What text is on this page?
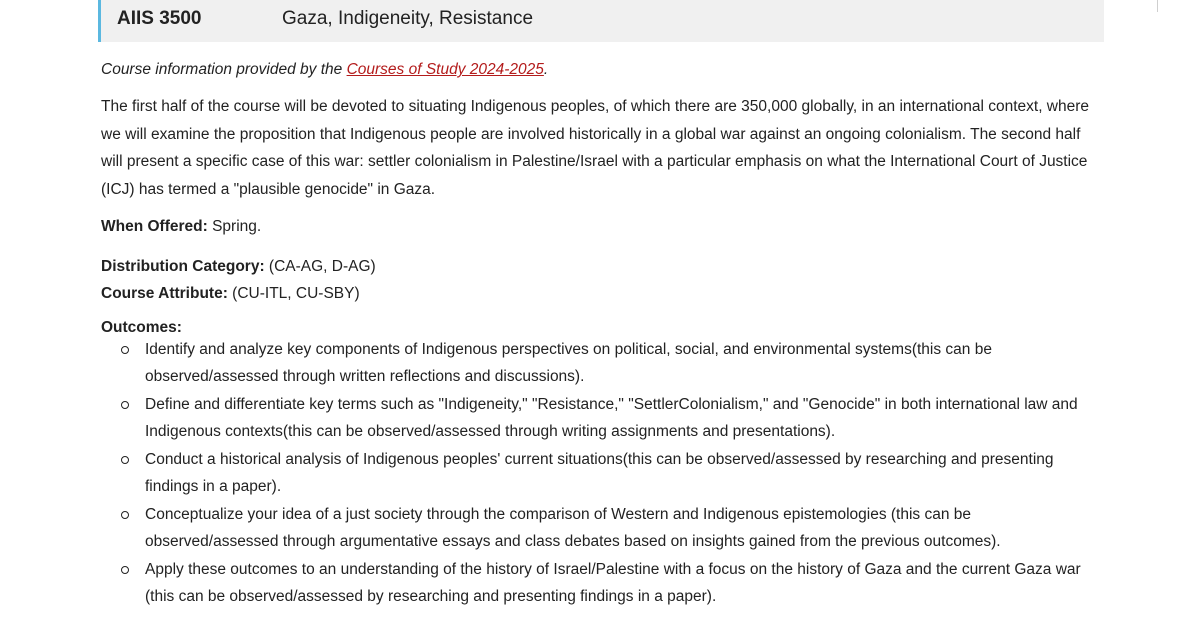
AIIS 3500	Gaza, Indigeneity, Resistance

Course information provided by the Courses of Study 2024-2025.

The first half of the course will be devoted to situating Indigenous peoples, of which there are 350,000 globally, in an international context, where we will examine the proposition that Indigenous people are involved historically in a global war against an ongoing colonialism. The second half will present a specific case of this war: settler colonialism in Palestine/Israel with a particular emphasis on what the International Court of Justice (ICJ) has termed a "plausible genocide" in Gaza.

When Offered: Spring.

Distribution Category: (CA-AG, D-AG)

Course Attribute: (CU-ITL, CU-SBY)

Outcomes:

Identify and analyze key components of Indigenous perspectives on political, social, and environmental systems(this can be observed/assessed through written reflections and discussions).
Define and differentiate key terms such as "Indigeneity," "Resistance," "SettlerColonialism," and "Genocide" in both international law and Indigenous contexts(this can be observed/assessed through writing assignments and presentations).
Conduct a historical analysis of Indigenous peoples' current situations(this can be observed/assessed by researching and presenting findings in a paper).
Conceptualize your idea of a just society through the comparison of Western and Indigenous epistemologies (this can be observed/assessed through argumentative essays and class debates based on insights gained from the previous outcomes).
Apply these outcomes to an understanding of the history of Israel/Palestine with a focus on the history of Gaza and the current Gaza war (this can be observed/assessed by researching and presenting findings in a paper).
